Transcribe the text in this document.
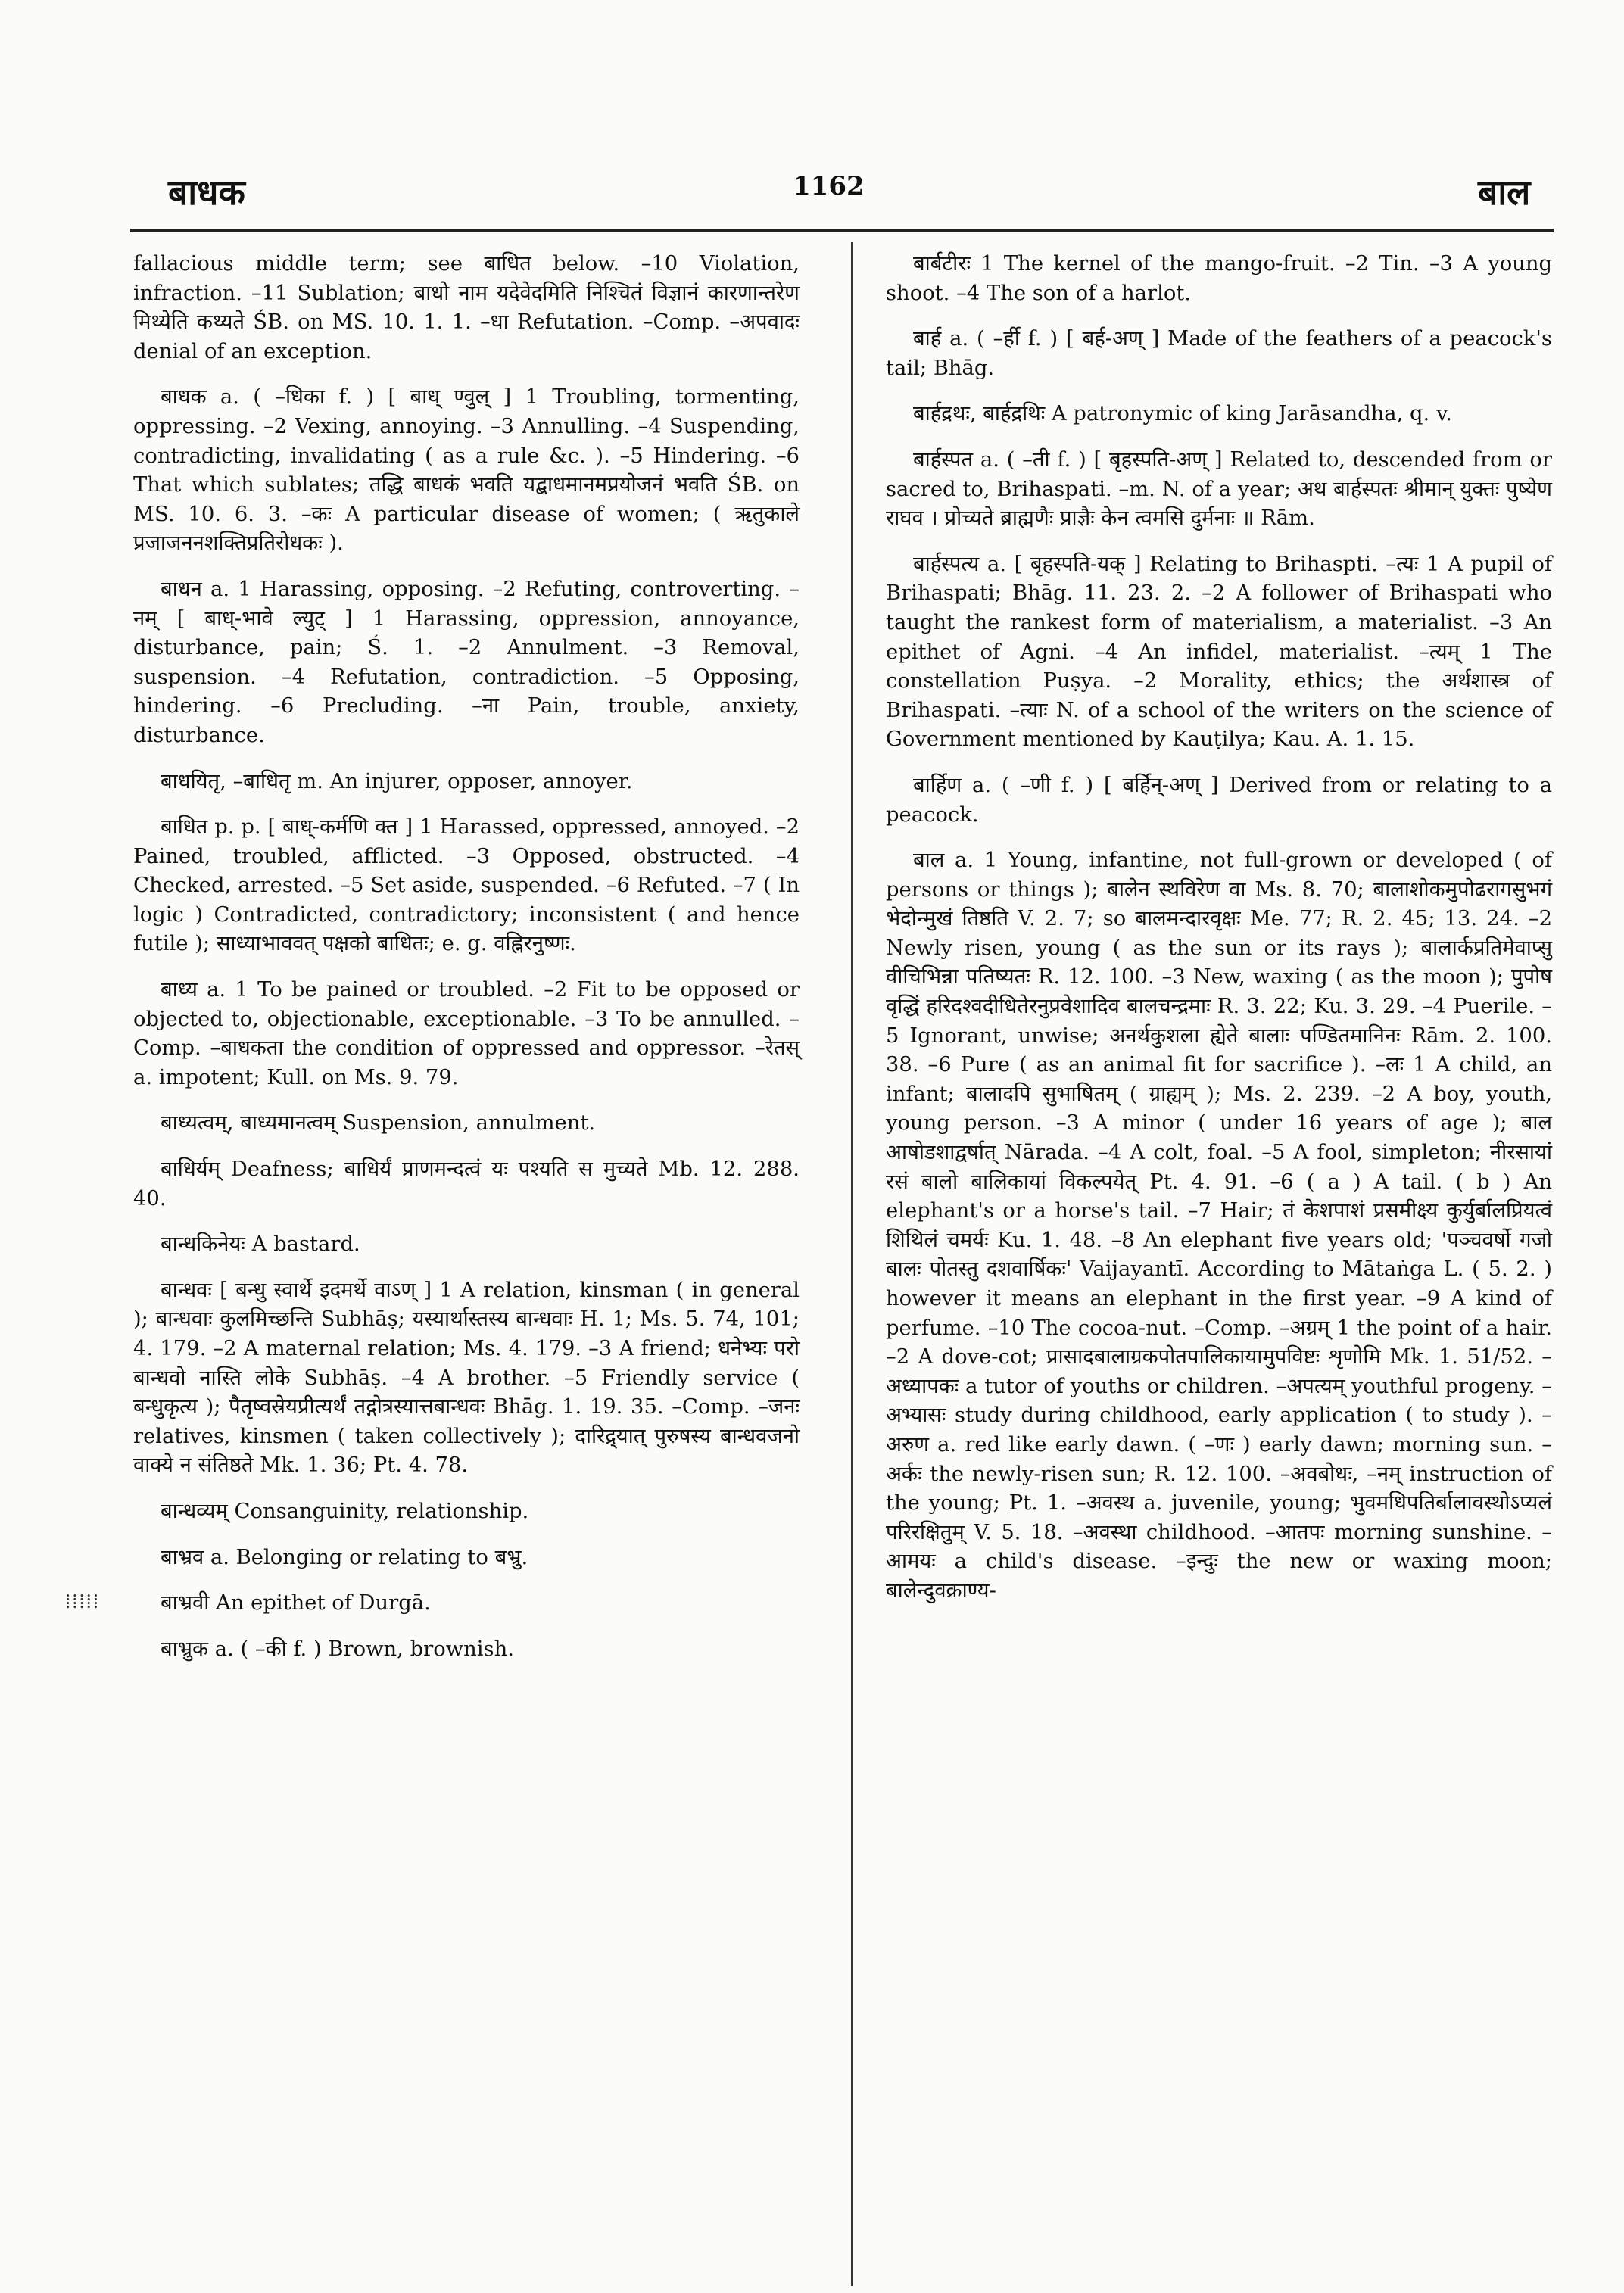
बाधक	1162	बाल

fallacious middle term; see बाधित below. –10 Violation, infraction. –11 Sublation; बाधो नाम यदेवेदमिति निश्चितं विज्ञानं कारणान्तरेण मिथ्येति कथ्यते ŚB. on MS. 10. 1. 1. –धा Refutation. –Comp. –अपवादः denial of an exception.

बाधक a. ( –धिका f. ) [ बाध् ण्वुल् ] 1 Troubling, tormenting, oppressing. –2 Vexing, annoying. –3 Annulling. –4 Suspending, contradicting, invalidating ( as a rule &c. ). –5 Hindering. –6 That which sublates; तद्धि बाधकं भवति यद्बाधमानमप्रयोजनं भवति ŚB. on MS. 10. 6. 3. –कः A particular disease of women; ( ऋतुकाले प्रजाजननशक्तिप्रतिरोधकः ).

बाधन a. 1 Harassing, opposing. –2 Refuting, controverting. –नम् [ बाध्-भावे ल्युट् ] 1 Harassing, oppression, annoyance, disturbance, pain; Ś. 1. –2 Annulment. –3 Removal, suspension. –4 Refutation, contradiction. –5 Opposing, hindering. –6 Precluding. –ना Pain, trouble, anxiety, disturbance.

बाधयितृ, –बाधितृ m. An injurer, opposer, annoyer.

बाधित p. p. [ बाध्-कर्मणि क्त ] 1 Harassed, oppressed, annoyed. –2 Pained, troubled, afflicted. –3 Opposed, obstructed. –4 Checked, arrested. –5 Set aside, suspended. –6 Refuted. –7 ( In logic ) Contradicted, contradictory; inconsistent ( and hence futile ); साध्याभाववत् पक्षको बाधितः; e. g. वह्निरनुष्णः.

बाध्य a. 1 To be pained or troubled. –2 Fit to be opposed or objected to, objectionable, exceptionable. –3 To be annulled. –Comp. –बाधकता the condition of oppressed and oppressor. –रेतस् a. impotent; Kull. on Ms. 9. 79.

बाध्यत्वम्, बाध्यमानत्वम् Suspension, annulment.

बाधिर्यम् Deafness; बाधिर्यं प्राणमन्दत्वं यः पश्यति स मुच्यते Mb. 12. 288. 40.

बान्धकिनेयः A bastard.

बान्धवः [ बन्धु स्वार्थे इदमर्थे वाऽण् ] 1 A relation, kinsman ( in general ); बान्धवाः कुलमिच्छन्ति Subhāṣ; यस्यार्थास्तस्य बान्धवाः H. 1; Ms. 5. 74, 101; 4. 179. –2 A maternal relation; Ms. 4. 179. –3 A friend; धनेभ्यः परो बान्धवो नास्ति लोके Subhāṣ. –4 A brother. –5 Friendly service ( बन्धुकृत्य ); पैतृष्वस्रेयप्रीत्यर्थं तद्गोत्रस्यात्तबान्धवः Bhāg. 1. 19. 35. –Comp. –जनः relatives, kinsmen ( taken collectively ); दारिद्र्यात् पुरुषस्य बान्धवजनो वाक्ये न संतिष्ठते Mk. 1. 36; Pt. 4. 78.

बान्धव्यम् Consanguinity, relationship.

बाभ्रव a. Belonging or relating to बभ्रु.

बाभ्रवी An epithet of Durgā.

बाभ्रुक a. ( –की f. ) Brown, brownish.

बार्बटीरः 1 The kernel of the mango-fruit. –2 Tin. –3 A young shoot. –4 The son of a harlot.

बार्ह a. ( –र्ही f. ) [ बर्ह-अण् ] Made of the feathers of a peacock's tail; Bhāg.

बार्हद्रथः, बार्हद्रथिः A patronymic of king Jarāsandha, q. v.

बार्हस्पत a. ( –ती f. ) [ बृहस्पति-अण् ] Related to, descended from or sacred to, Brihaspati. –m. N. of a year; अथ बार्हस्पतः श्रीमान् युक्तः पुष्येण राघव । प्रोच्यते ब्राह्मणैः प्राज्ञैः केन त्वमसि दुर्मनाः ॥ Rām.

बार्हस्पत्य a. [ बृहस्पति-यक् ] Relating to Brihaspti. –त्यः 1 A pupil of Brihaspati; Bhāg. 11. 23. 2. –2 A follower of Brihaspati who taught the rankest form of materialism, a materialist. –3 An epithet of Agni. –4 An infidel, materialist. –त्यम् 1 The constellation Puṣya. –2 Morality, ethics; the अर्थशास्त्र of Brihaspati. –त्याः N. of a school of the writers on the science of Government mentioned by Kauṭilya; Kau. A. 1. 15.

बार्हिण a. ( –णी f. ) [ बर्हिन्-अण् ] Derived from or relating to a peacock.

बाल a. 1 Young, infantine, not full-grown or developed ( of persons or things ); बालेन स्थविरेण वा Ms. 8. 70; बालाशोकमुपोढरागसुभगं भेदोन्मुखं तिष्ठति V. 2. 7; so बालमन्दारवृक्षः Me. 77; R. 2. 45; 13. 24. –2 Newly risen, young ( as the sun or its rays ); बालार्कप्रतिमेवाप्सु वीचिभिन्ना पतिष्यतः R. 12. 100. –3 New, waxing ( as the moon ); पुपोष वृद्धिं हरिदश्वदीधितेरनुप्रवेशादिव बालचन्द्रमाः R. 3. 22; Ku. 3. 29. –4 Puerile. –5 Ignorant, unwise; अनर्थकुशला ह्येते बालाः पण्डितमानिनः Rām. 2. 100. 38. –6 Pure ( as an animal fit for sacrifice ). –लः 1 A child, an infant; बालादपि सुभाषितम् ( ग्राह्यम् ); Ms. 2. 239. –2 A boy, youth, young person. –3 A minor ( under 16 years of age ); बाल आषोडशाद्वर्षात् Nārada. –4 A colt, foal. –5 A fool, simpleton; नीरसायां रसं बालो बालिकायां विकल्पयेत् Pt. 4. 91. –6 ( a ) A tail. ( b ) An elephant's or a horse's tail. –7 Hair; तं केशपाशं प्रसमीक्ष्य कुर्युर्बालप्रियत्वं शिथिलं चमर्यः Ku. 1. 48. –8 An elephant five years old; 'पञ्चवर्षो गजो बालः पोतस्तु दशवार्षिकः' Vaijayantī. According to Mātaṅga L. ( 5. 2. ) however it means an elephant in the first year. –9 A kind of perfume. –10 The cocoa-nut. –Comp. –अग्रम् 1 the point of a hair. –2 A dove-cot; प्रासादबालाग्रकपोतपालिकायामुपविष्टः शृणोमि Mk. 1. 51/52. –अध्यापकः a tutor of youths or children. –अपत्यम् youthful progeny. –अभ्यासः study during childhood, early application ( to study ). –अरुण a. red like early dawn. ( –णः ) early dawn; morning sun. –अर्कः the newly-risen sun; R. 12. 100. –अवबोधः, –नम् instruction of the young; Pt. 1. –अवस्थ a. juvenile, young; भुवमधिपतिर्बालावस्थोऽप्यलं परिरक्षितुम् V. 5. 18. –अवस्था childhood. –आतपः morning sunshine. –आमयः a child's disease. –इन्दुः the new or waxing moon; बालेन्दुवक्राण्य-

⁞⁞⁞⁞⁞
